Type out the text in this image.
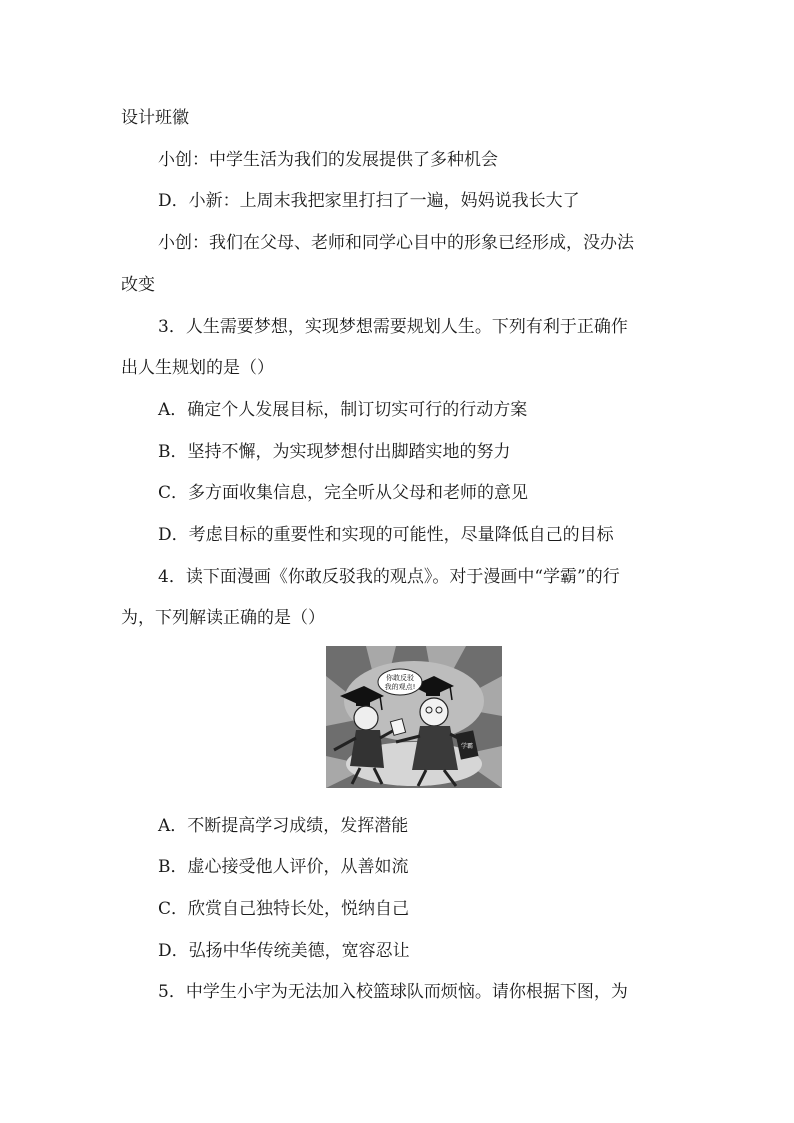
设计班徽
小创：中学生活为我们的发展提供了多种机会
D．小新：上周末我把家里打扫了一遍，妈妈说我长大了
小创：我们在父母、老师和同学心目中的形象已经形成，没办法
改变
3．人生需要梦想，实现梦想需要规划人生。下列有利于正确作
出人生规划的是（）
A．确定个人发展目标，制订切实可行的行动方案
B．坚持不懈，为实现梦想付出脚踏实地的努力
C．多方面收集信息，完全听从父母和老师的意见
D．考虑目标的重要性和实现的可能性，尽量降低自己的目标
4．读下面漫画《你敢反驳我的观点》。对于漫画中“学霸”的行
为，下列解读正确的是（）
学霸
你敢反驳
我的观点!
A．不断提高学习成绩，发挥潜能
B．虚心接受他人评价，从善如流
C．欣赏自己独特长处，悦纳自己
D．弘扬中华传统美德，宽容忍让
5．中学生小宇为无法加入校篮球队而烦恼。请你根据下图，为
